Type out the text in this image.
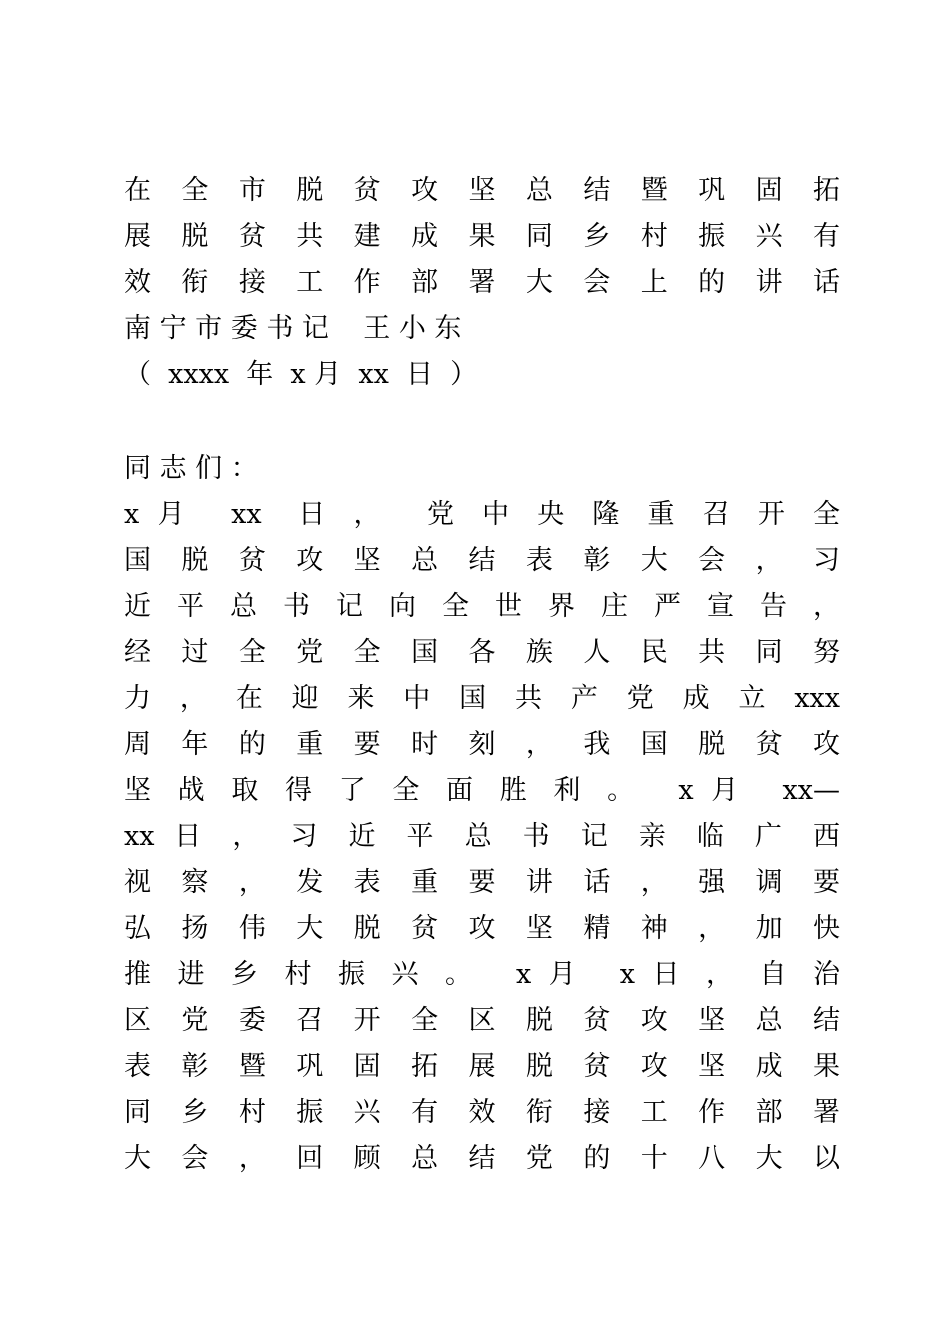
在 全 市 脱 贫 攻 坚 总 结 暨 巩 固 拓
展 脱 贫 共 建 成 果 同 乡 村 振 兴 有
效 衔 接 工 作 部 署 大 会 上 的 讲 话
南 宁 市 委 书 记    王 小 东
（  xxxx  年  x 月  xx  日  ）
同 志 们 ：
x 月  xx  日 ，  党 中 央 隆 重 召 开 全
国 脱 贫 攻 坚 总 结 表 彰 大 会 ， 习
近 平 总 书 记 向 全 世 界 庄 严 宣 告 ，
经 过 全 党 全 国 各 族 人 民 共 同 努
力 ， 在 迎 来 中 国 共 产 党 成 立 xxx
周 年 的 重 要 时 刻 ， 我 国 脱 贫 攻
坚 战 取 得 了 全 面 胜 利 。  x 月  xx—
xx 日 ， 习 近 平 总 书 记 亲 临 广 西
视 察 ， 发 表 重 要 讲 话 ， 强 调 要
弘 扬 伟 大 脱 贫 攻 坚 精 神 ， 加 快
推 进 乡 村 振 兴 。  x 月  x 日 ， 自 治
区 党 委 召 开 全 区 脱 贫 攻 坚 总 结
表 彰 暨 巩 固 拓 展 脱 贫 攻 坚 成 果
同 乡 村 振 兴 有 效 衔 接 工 作 部 署
大 会 ， 回 顾 总 结 党 的 十 八 大 以
